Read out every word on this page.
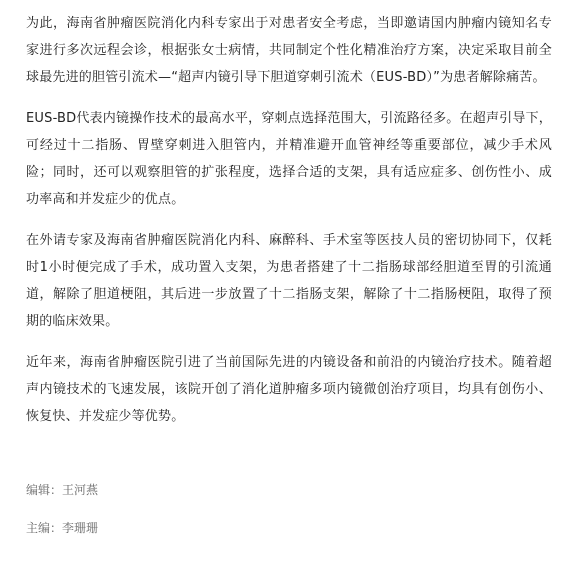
为此，海南省肿瘤医院消化内科专家出于对患者安全考虑，当即邀请国内肿瘤内镜知名专家进行多次远程会诊，根据张女士病情，共同制定个性化精准治疗方案，决定采取目前全球最先进的胆管引流术—“超声内镜引导下胆道穿刺引流术（EUS-BD）”为患者解除痛苦。

EUS-BD代表内镜操作技术的最高水平，穿刺点选择范围大，引流路径多。在超声引导下，可经过十二指肠、胃壁穿刺进入胆管内，并精准避开血管神经等重要部位，减少手术风险；同时，还可以观察胆管的扩张程度，选择合适的支架，具有适应症多、创伤性小、成功率高和并发症少的优点。

在外请专家及海南省肿瘤医院消化内科、麻醉科、手术室等医技人员的密切协同下，仅耗时1小时便完成了手术，成功置入支架，为患者搭建了十二指肠球部经胆道至胃的引流通道，解除了胆道梗阻，其后进一步放置了十二指肠支架，解除了十二指肠梗阻，取得了预期的临床效果。

近年来，海南省肿瘤医院引进了当前国际先进的内镜设备和前沿的内镜治疗技术。随着超声内镜技术的飞速发展，该院开创了消化道肿瘤多项内镜微创治疗项目，均具有创伤小、恢复快、并发症少等优势。

编辑：王河燕
主编：李珊珊
